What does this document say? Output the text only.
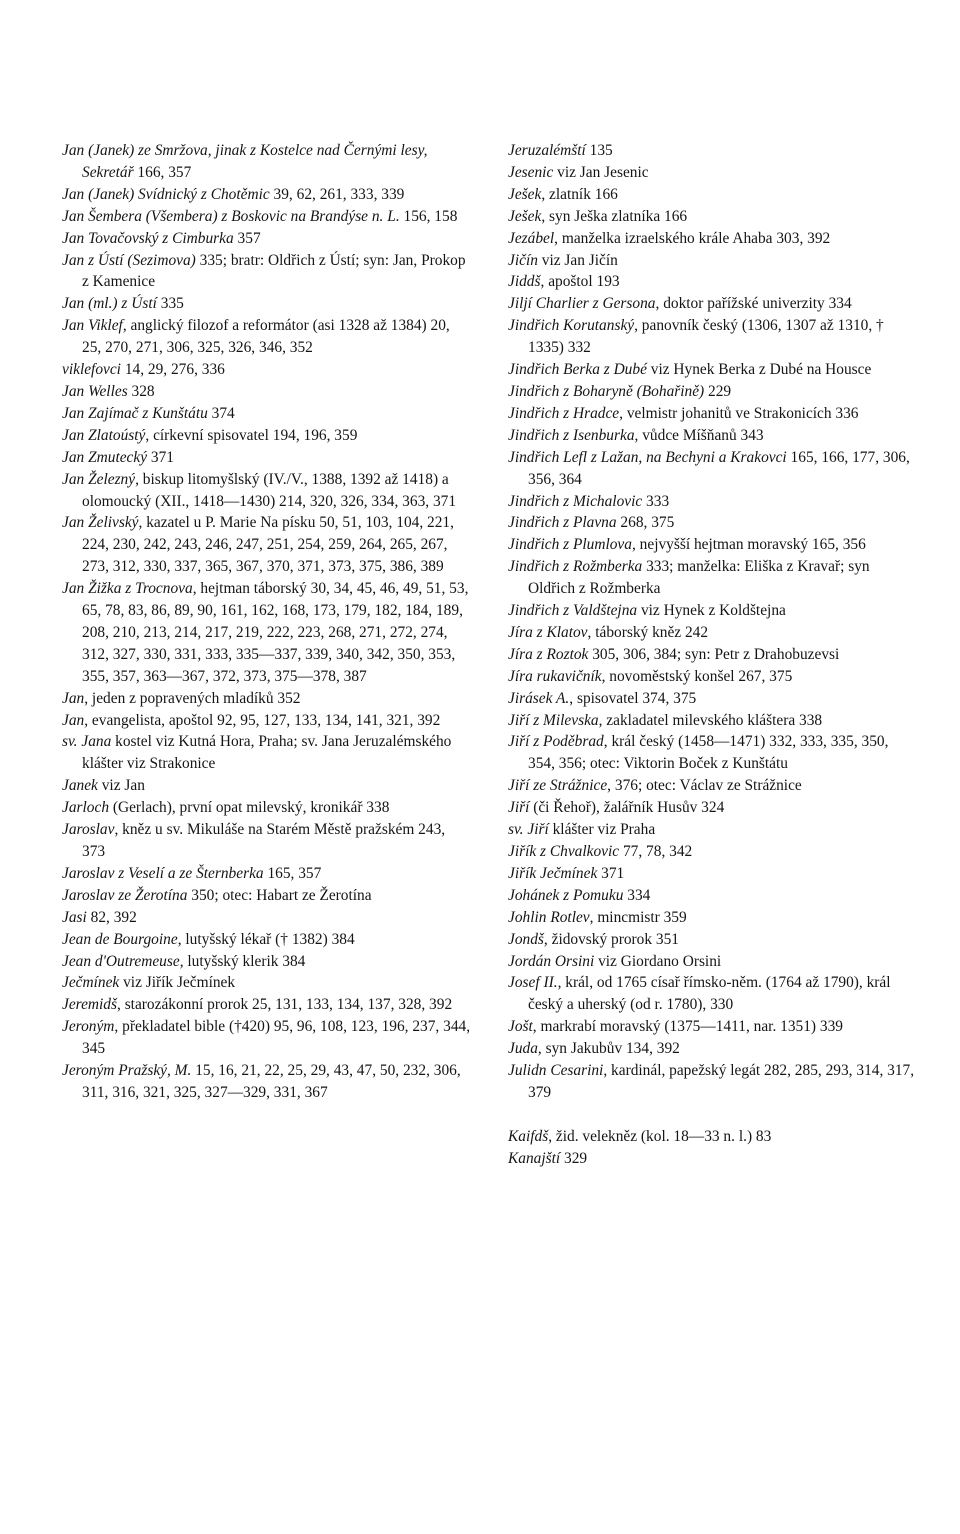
Jan (Janek) ze Smržova, jinak z Kostelce nad Černými lesy, Sekretář 166, 357
Jan (Janek) Svídnický z Chotěmic 39, 62, 261, 333, 339
Jan Šembera (Všembera) z Boskovic na Brandýse n. L. 156, 158
Jan Tovačovský z Cimburka 357
Jan z Ústí (Sezimova) 335; bratr: Oldřich z Ústí; syn: Jan, Prokop z Kamenice
Jan (ml.) z Ústí 335
Jan Viklef, anglický filozof a reformátor (asi 1328 až 1384) 20, 25, 270, 271, 306, 325, 326, 346, 352
viklefovci 14, 29, 276, 336
Jan Welles 328
Jan Zajímač z Kunštátu 374
Jan Zlatoústý, církevní spisovatel 194, 196, 359
Jan Zmutecký 371
Jan Železný, biskup litomyšlský (IV./V., 1388, 1392 až 1418) a olomoucký (XII., 1418—1430) 214, 320, 326, 334, 363, 371
Jan Želivský, kazatel u P. Marie Na písku 50, 51, 103, 104, 221, 224, 230, 242, 243, 246, 247, 251, 254, 259, 264, 265, 267, 273, 312, 330, 337, 365, 367, 370, 371, 373, 375, 386, 389
Jan Žižka z Trocnova, hejtman táborský 30, 34, 45, 46, 49, 51, 53, 65, 78, 83, 86, 89, 90, 161, 162, 168, 173, 179, 182, 184, 189, 208, 210, 213, 214, 217, 219, 222, 223, 268, 271, 272, 274, 312, 327, 330, 331, 333, 335—337, 339, 340, 342, 350, 353, 355, 357, 363—367, 372, 373, 375—378, 387
Jan, jeden z popravených mladíků 352
Jan, evangelista, apoštol 92, 95, 127, 133, 134, 141, 321, 392
sv. Jana kostel viz Kutná Hora, Praha; sv. Jana Jeruzalémského klášter viz Strakonice
Janek viz Jan
Jarloch (Gerlach), první opat milevský, kronikář 338
Jaroslav, kněz u sv. Mikuláše na Starém Městě pražském 243, 373
Jaroslav z Veselí a ze Šternberka 165, 357
Jaroslav ze Žerotína 350; otec: Habart ze Žerotína
Jasi 82, 392
Jean de Bourgoine, lutyšský lékař († 1382) 384
Jean d'Outremeuse, lutyšský klerik 384
Ječmínek viz Jiřík Ječmínek
Jeremidš, starozákonní prorok 25, 131, 133, 134, 137, 328, 392
Jeroným, překladatel bible (†420) 95, 96, 108, 123, 196, 237, 344, 345
Jeroným Pražský, M. 15, 16, 21, 22, 25, 29, 43, 47, 50, 232, 306, 311, 316, 321, 325, 327—329, 331, 367
Jeruzalémští 135
Jesenic viz Jan Jesenic
Ješek, zlatník 166
Ješek, syn Ješka zlatníka 166
Jezábel, manželka izraelského krále Ahaba 303, 392
Jičín viz Jan Jičín
Jiddš, apoštol 193
Jiljí Charlier z Gersona, doktor pařížské univerzity 334
Jindřich Korutanský, panovník český (1306, 1307 až 1310, † 1335) 332
Jindřich Berka z Dubé viz Hynek Berka z Dubé na Housce
Jindřich z Boharyně (Bohařině) 229
Jindřich z Hradce, velmistr johanitů ve Strakonicích 336
Jindřich z Isenburka, vůdce Míšňanů 343
Jindřich Lefl z Lažan, na Bechyni a Krakovci 165, 166, 177, 306, 356, 364
Jindřich z Michalovic 333
Jindřich z Plavna 268, 375
Jindřich z Plumlova, nejvyšší hejtman moravský 165, 356
Jindřich z Rožmberka 333; manželka: Eliška z Kravař; syn Oldřich z Rožmberka
Jindřich z Valdštejna viz Hynek z Koldštejna
Jíra z Klatov, táborský kněz 242
Jíra z Roztok 305, 306, 384; syn: Petr z Drahobuzevsi
Jíra rukavičník, novoměstský konšel 267, 375
Jirásek A., spisovatel 374, 375
Jiří z Milevska, zakladatel milevského kláštera 338
Jiří z Poděbrad, král český (1458—1471) 332, 333, 335, 350, 354, 356; otec: Viktorin Boček z Kunštátu
Jiří ze Strážnice, 376; otec: Václav ze Strážnice
Jiří (či Řehoř), žalářník Husův 324
sv. Jiří klášter viz Praha
Jiřík z Chvalkovic 77, 78, 342
Jiřík Ječmínek 371
Johánek z Pomuku 334
Johlin Rotlev, mincmistr 359
Jondš, židovský prorok 351
Jordán Orsini viz Giordano Orsini
Josef II., král, od 1765 císař římsko-něm. (1764 až 1790), král český a uherský (od r. 1780), 330
Jošt, markrabí moravský (1375—1411, nar. 1351) 339
Juda, syn Jakubův 134, 392
Julidn Cesarini, kardinál, papežský legát 282, 285, 293, 314, 317, 379
Kaifdš, žid. velekněz (kol. 18—33 n. l.) 83
Kanajští 329
